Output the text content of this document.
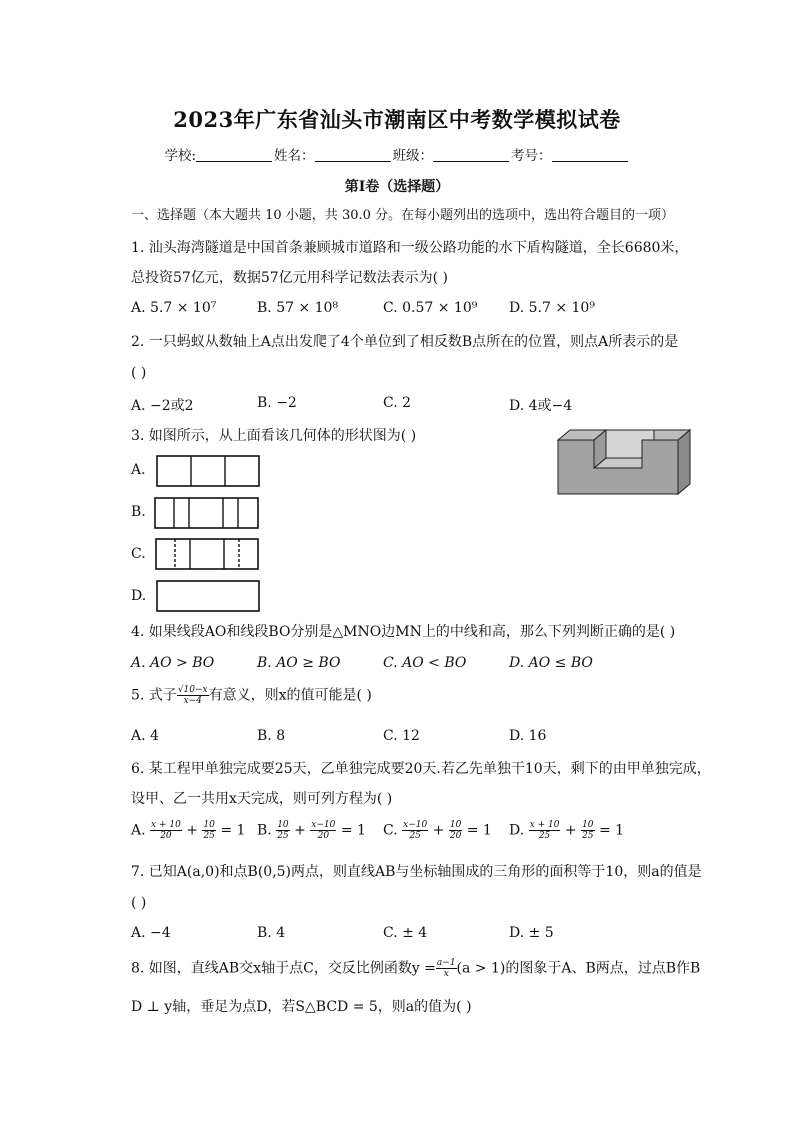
2023年广东省汕头市潮南区中考数学模拟试卷
学校:	姓名：	班级：	考号：
第Ⅰ卷（选择题）
一、选择题（本大题共 10 小题，共 30.0 分。在每小题列出的选项中，选出符合题目的一项）
1. 汕头海湾隧道是中国首条兼顾城市道路和一级公路功能的水下盾构隧道，全长6680米，
总投资57亿元，数据57亿元用科学记数法表示为( )
A. 5.7 × 10⁷	B. 57 × 10⁸	C. 0.57 × 10⁹ D. 5.7 × 10⁹
2. 一只蚂蚁从数轴上A点出发爬了4个单位到了相反数B点所在的位置，则点A所表示的是
( )
A. −2或2	B. −2	C. 2	D. 4或−4
3. 如图所示，从上面看该几何体的形状图为( )
A.
B.
C.
D.
4. 如果线段AO和线段BO分别是△MNO边MN上的中线和高，那么下列判断正确的是( )
A. AO > BO	B. AO ≥ BO	C. AO < BO	D. AO ≤ BO
5. 式子 $\frac{√10-x}{x-4}$ 有意义，则x的值可能是( )
A. 4	B. 8	C. 12	D. 16
6. 某工程甲单独完成要25天，乙单独完成要20天.若乙先单独干10天，剩下的由甲单独完成，
设甲、乙一共用x天完成，则可列方程为( )
A. $\frac{x + 10}{20} + \frac{10}{25} = 1$ B. $\frac{10}{25} + \frac{x-10}{20} = 1$ C. $\frac{x-10}{25} + \frac{10}{20} = 1$ D. $\frac{x + 10}{25} + \frac{10}{25} = 1$
7. 已知A(a,0)和点B(0,5)两点，则直线AB与坐标轴围成的三角形的面积等于10，则a的值是
( )
A. −4	B. 4	C. ± 4	D. ± 5
8. 如图，直线AB交x轴于点C，交反比例函数$y = \frac{a-1}{x} (a > 1)$的图象于A、B两点，过点B作B
D ⊥ y轴，垂足为点D，若S△BCD = 5，则a的值为( )
